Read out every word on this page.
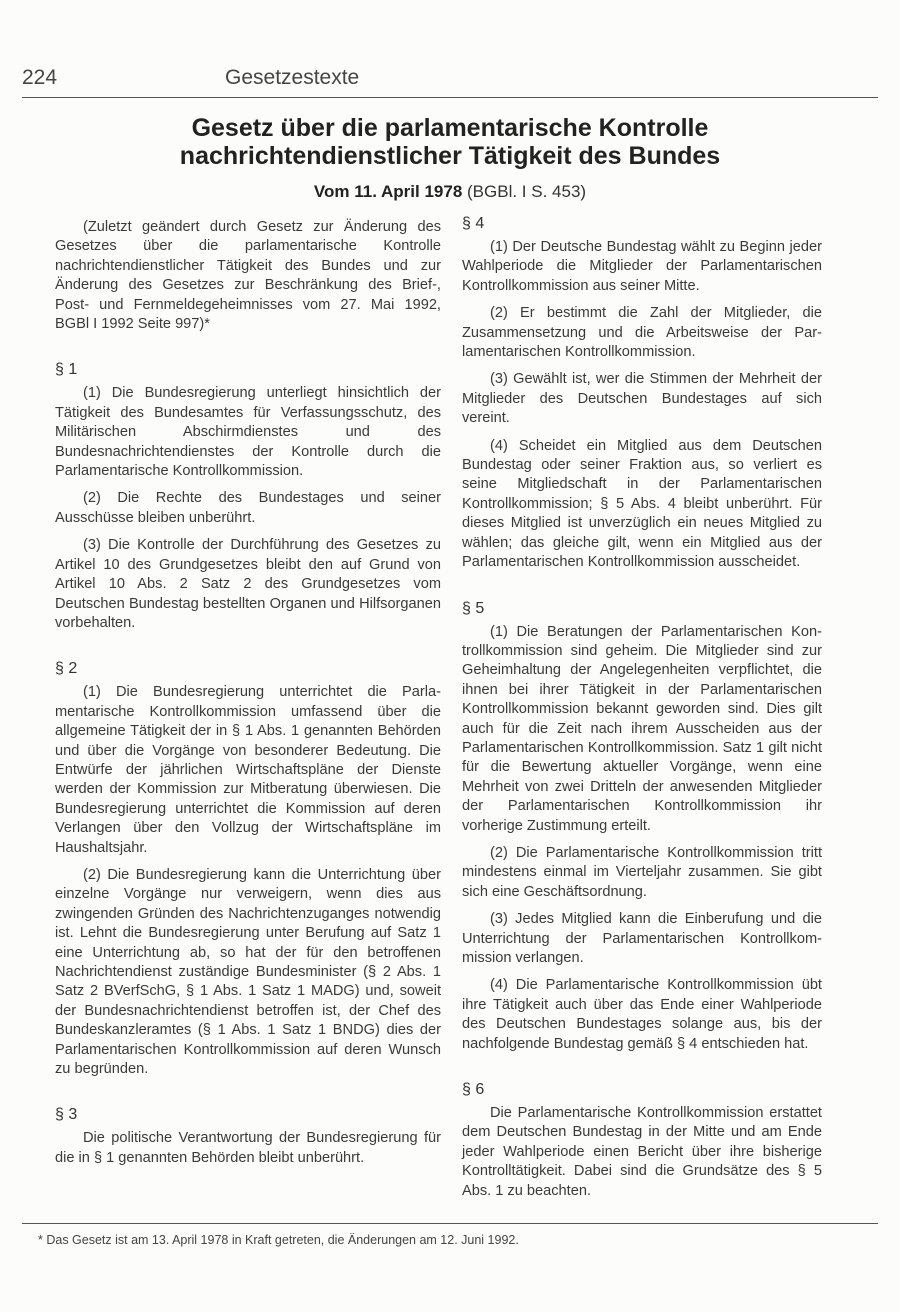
224	Gesetzestexte
Gesetz über die parlamentarische Kontrolle
nachrichtendienstlicher Tätigkeit des Bundes
Vom 11. April 1978 (BGBl. I S. 453)

(Zuletzt geändert durch Gesetz zur Änderung des Gesetzes über die parlamentarische Kontrolle nachrichtendienstlicher Tätigkeit des Bundes und zur Änderung des Gesetzes zur Beschränkung des Brief-, Post- und Fernmeldegeheimnisses vom 27. Mai 1992, BGBl I 1992 Seite 997)*

§ 1

(1) Die Bundesregierung unterliegt hinsichtlich der Tätigkeit des Bundesamtes für Verfassungsschutz, des Militärischen Abschirmdienstes und des Bundesnachrichtendienstes der Kontrolle durch die Parlamentarische Kontrollkommission.

(2) Die Rechte des Bundestages und seiner Ausschüsse bleiben unberührt.

(3) Die Kontrolle der Durchführung des Gesetzes zu Artikel 10 des Grundgesetzes bleibt den auf Grund von Artikel 10 Abs. 2 Satz 2 des Grundgesetzes vom Deutschen Bundestag bestellten Organen und Hilfsorganen vorbehalten.

§ 2

(1) Die Bundesregierung unterrichtet die Parlamentarische Kontrollkommission umfassend über die allgemeine Tätigkeit der in § 1 Abs. 1 genannten Behörden und über die Vorgänge von besonderer Bedeutung. Die Entwürfe der jährlichen Wirtschaftspläne der Dienste werden der Kommission zur Mitberatung überwiesen. Die Bundesregierung unterrichtet die Kommission auf deren Verlangen über den Vollzug der Wirtschaftspläne im Haushaltsjahr.

(2) Die Bundesregierung kann die Unterrichtung über einzelne Vorgänge nur verweigern, wenn dies aus zwingenden Gründen des Nachrichtenzuganges notwendig ist. Lehnt die Bundesregierung unter Berufung auf Satz 1 eine Unterrichtung ab, so hat der für den betroffenen Nachrichtendienst zuständige Bundesminister (§ 2 Abs. 1 Satz 2 BVerfSchG, § 1 Abs. 1 Satz 1 MADG) und, soweit der Bundesnachrichtendienst betroffen ist, der Chef des Bundeskanzleramtes (§ 1 Abs. 1 Satz 1 BNDG) dies der Parlamentarischen Kontrollkommission auf deren Wunsch zu begründen.

§ 3

Die politische Verantwortung der Bundesregierung für die in § 1 genannten Behörden bleibt unberührt.

§ 4

(1) Der Deutsche Bundestag wählt zu Beginn jeder Wahlperiode die Mitglieder der Parlamentarischen Kontrollkommission aus seiner Mitte.

(2) Er bestimmt die Zahl der Mitglieder, die Zusammensetzung und die Arbeitsweise der Parlamentarischen Kontrollkommission.

(3) Gewählt ist, wer die Stimmen der Mehrheit der Mitglieder des Deutschen Bundestages auf sich vereint.

(4) Scheidet ein Mitglied aus dem Deutschen Bundestag oder seiner Fraktion aus, so verliert es seine Mitgliedschaft in der Parlamentarischen Kontrollkommission; § 5 Abs. 4 bleibt unberührt. Für dieses Mitglied ist unverzüglich ein neues Mitglied zu wählen; das gleiche gilt, wenn ein Mitglied aus der Parlamentarischen Kontrollkommission ausscheidet.

§ 5

(1) Die Beratungen der Parlamentarischen Kontrollkommission sind geheim. Die Mitglieder sind zur Geheimhaltung der Angelegenheiten verpflichtet, die ihnen bei ihrer Tätigkeit in der Parlamentarischen Kontrollkommission bekannt geworden sind. Dies gilt auch für die Zeit nach ihrem Ausscheiden aus der Parlamentarischen Kontrollkommission. Satz 1 gilt nicht für die Bewertung aktueller Vorgänge, wenn eine Mehrheit von zwei Dritteln der anwesenden Mitglieder der Parlamentarischen Kontrollkommission ihr vorherige Zustimmung erteilt.

(2) Die Parlamentarische Kontrollkommission tritt mindestens einmal im Vierteljahr zusammen. Sie gibt sich eine Geschäftsordnung.

(3) Jedes Mitglied kann die Einberufung und die Unterrichtung der Parlamentarischen Kontrollkommission verlangen.

(4) Die Parlamentarische Kontrollkommission übt ihre Tätigkeit auch über das Ende einer Wahlperiode des Deutschen Bundestages solange aus, bis der nachfolgende Bundestag gemäß § 4 entschieden hat.

§ 6

Die Parlamentarische Kontrollkommission erstattet dem Deutschen Bundestag in der Mitte und am Ende jeder Wahlperiode einen Bericht über ihre bisherige Kontrolltätigkeit. Dabei sind die Grundsätze des § 5 Abs. 1 zu beachten.

* Das Gesetz ist am 13. April 1978 in Kraft getreten, die Änderungen am 12. Juni 1992.
